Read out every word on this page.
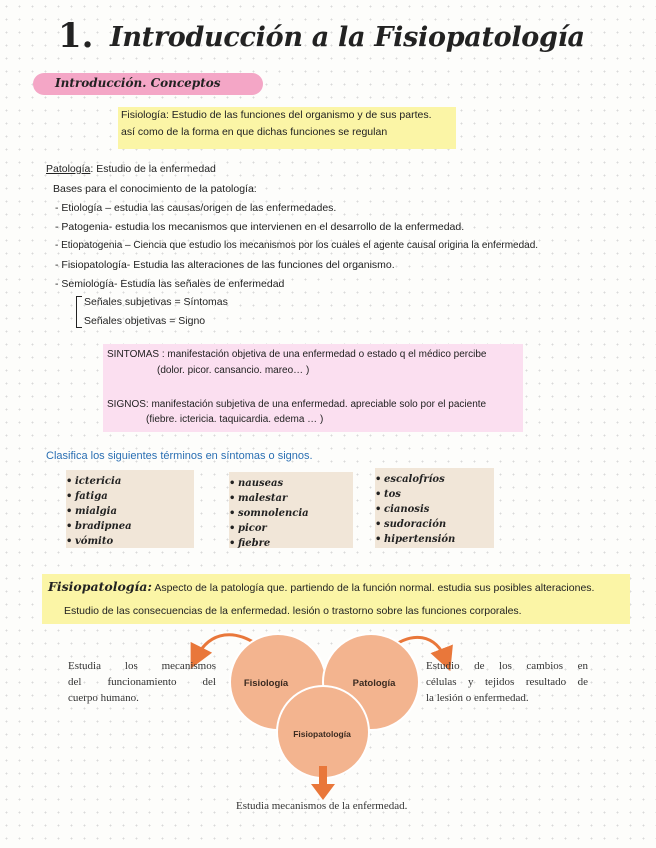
1. Introducción a la Fisiopatología
Introducción. Conceptos
Fisiología: Estudio de las funciones del organismo y de sus partes.
así como de la forma en que dichas funciones se regulan
Patología: Estudio de la enfermedad
Bases para el conocimiento de la patología:
- Etiología – estudia las causas/origen de las enfermedades.
- Patogenia- estudia los mecanismos que intervienen en el desarrollo de la enfermedad.
- Etiopatogenia – Ciencia que estudio los mecanismos por los cuales el agente causal origina la enfermedad.
- Fisiopatología- Estudia las alteraciones de las funciones del organismo.
- Semiología- Estudia las señales de enfermedad
Señales subjetivas = Síntomas
Señales objetivas = Signo
SINTOMAS : manifestación objetiva de una enfermedad o estado q el médico percibe
(dolor. picor. cansancio. mareo… )
SIGNOS: manifestación subjetiva de una enfermedad. apreciable solo por el paciente
(fiebre. ictericia. taquicardia. edema … )
Clasifica los siguientes términos en síntomas o signos.
• ictericia
• fatiga
• mialgia
• bradipnea
• vómito
• nauseas
• malestar
• somnolencia
• picor
• fiebre
• escalofríos
• tos
• cianosis
• sudoración
• hipertensión
Fisiopatología: Aspecto de la patología que. partiendo de la función normal. estudia sus posibles alteraciones.
Estudio de las consecuencias de la enfermedad. lesión o trastorno sobre las funciones corporales.
Fisiología	Patología
Fisiopatología
Estudia los mecanismos
del funcionamiento del
cuerpo humano.
Estudio de los cambios en
células y tejidos resultado de
la lesión o enfermedad.
Estudia mecanismos de la enfermedad.
